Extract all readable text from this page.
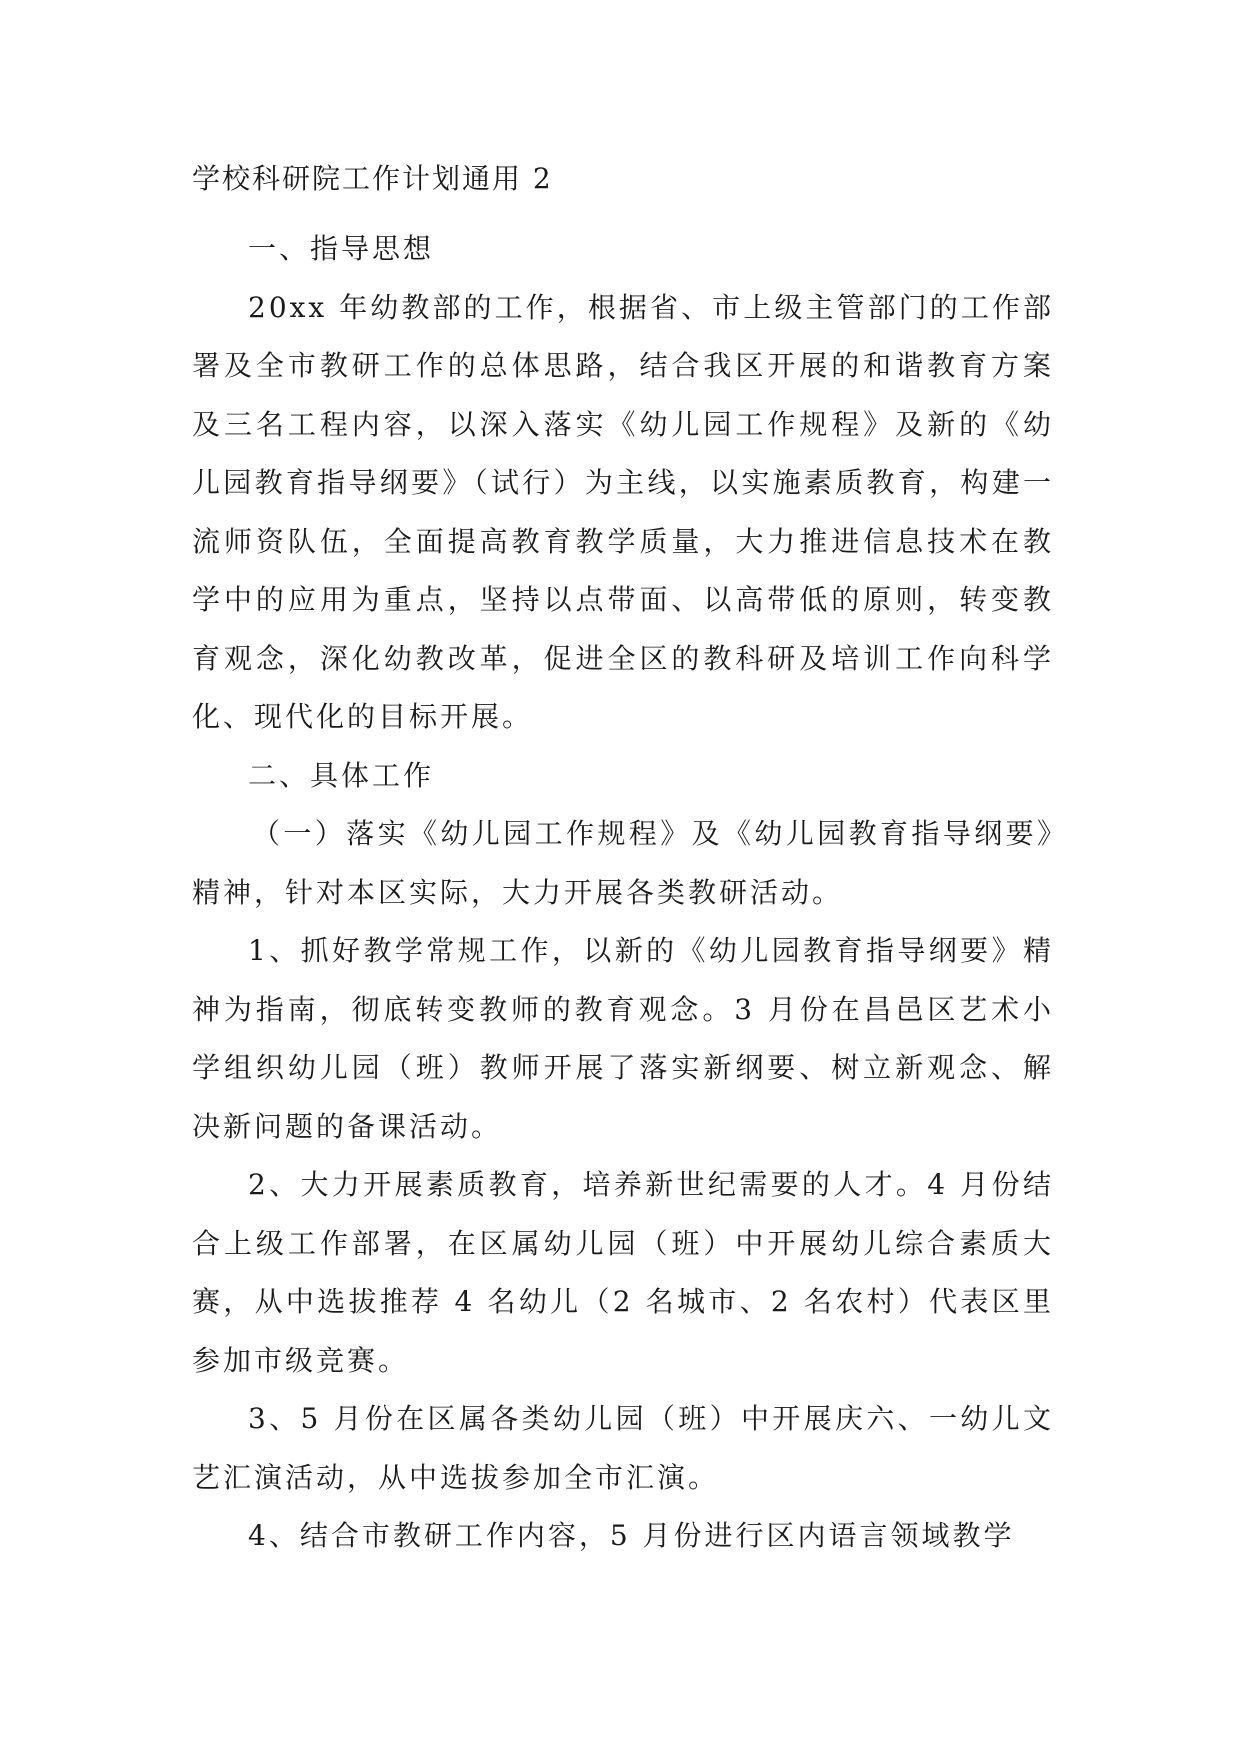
学校科研院工作计划通用 2

一、指导思想

20xx 年幼教部的工作，根据省、市上级主管部门的工作部署及全市教研工作的总体思路，结合我区开展的和谐教育方案及三名工程内容，以深入落实《幼儿园工作规程》及新的《幼儿园教育指导纲要》（试行）为主线，以实施素质教育，构建一流师资队伍，全面提高教育教学质量，大力推进信息技术在教学中的应用为重点，坚持以点带面、以高带低的原则，转变教育观念，深化幼教改革，促进全区的教科研及培训工作向科学化、现代化的目标开展。

二、具体工作

（一）落实《幼儿园工作规程》及《幼儿园教育指导纲要》精神，针对本区实际，大力开展各类教研活动。

1、抓好教学常规工作，以新的《幼儿园教育指导纲要》精神为指南，彻底转变教师的教育观念。3 月份在昌邑区艺术小学组织幼儿园（班）教师开展了落实新纲要、树立新观念、解决新问题的备课活动。

2、大力开展素质教育，培养新世纪需要的人才。4 月份结合上级工作部署，在区属幼儿园（班）中开展幼儿综合素质大赛，从中选拔推荐 4 名幼儿（2 名城市、2 名农村）代表区里参加市级竞赛。

3、5 月份在区属各类幼儿园（班）中开展庆六、一幼儿文艺汇演活动，从中选拔参加全市汇演。

4、结合市教研工作内容，5 月份进行区内语言领域教学
